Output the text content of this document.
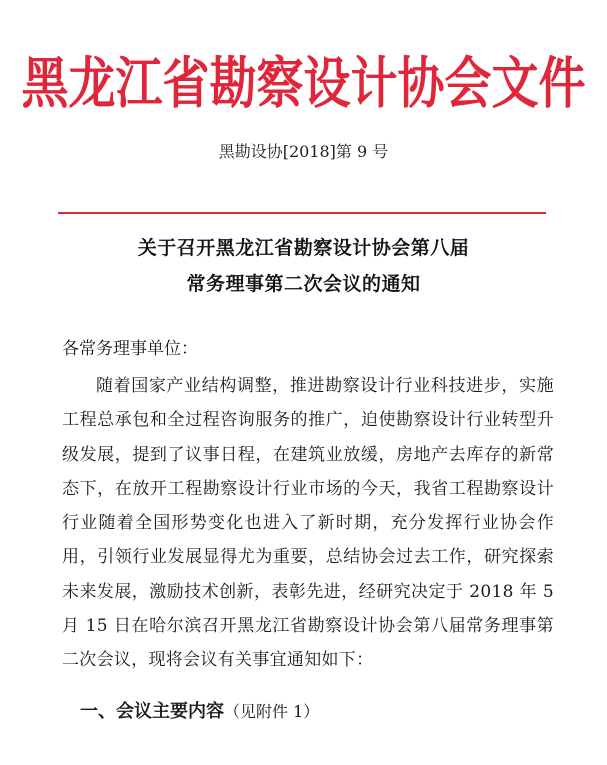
黑龙江省勘察设计协会文件
黑勘设协[2018]第 9 号
关于召开黑龙江省勘察设计协会第八届
常务理事第二次会议的通知
各常务理事单位：
随着国家产业结构调整，推进勘察设计行业科技进步，实施工程总承包和全过程咨询服务的推广，迫使勘察设计行业转型升级发展，提到了议事日程，在建筑业放缓，房地产去库存的新常态下，在放开工程勘察设计行业市场的今天，我省工程勘察设计行业随着全国形势变化也进入了新时期，充分发挥行业协会作用，引领行业发展显得尤为重要，总结协会过去工作，研究探索未来发展，激励技术创新，表彰先进，经研究决定于 2018 年 5 月 15 日在哈尔滨召开黑龙江省勘察设计协会第八届常务理事第二次会议，现将会议有关事宜通知如下：
一、会议主要内容（见附件 1）
